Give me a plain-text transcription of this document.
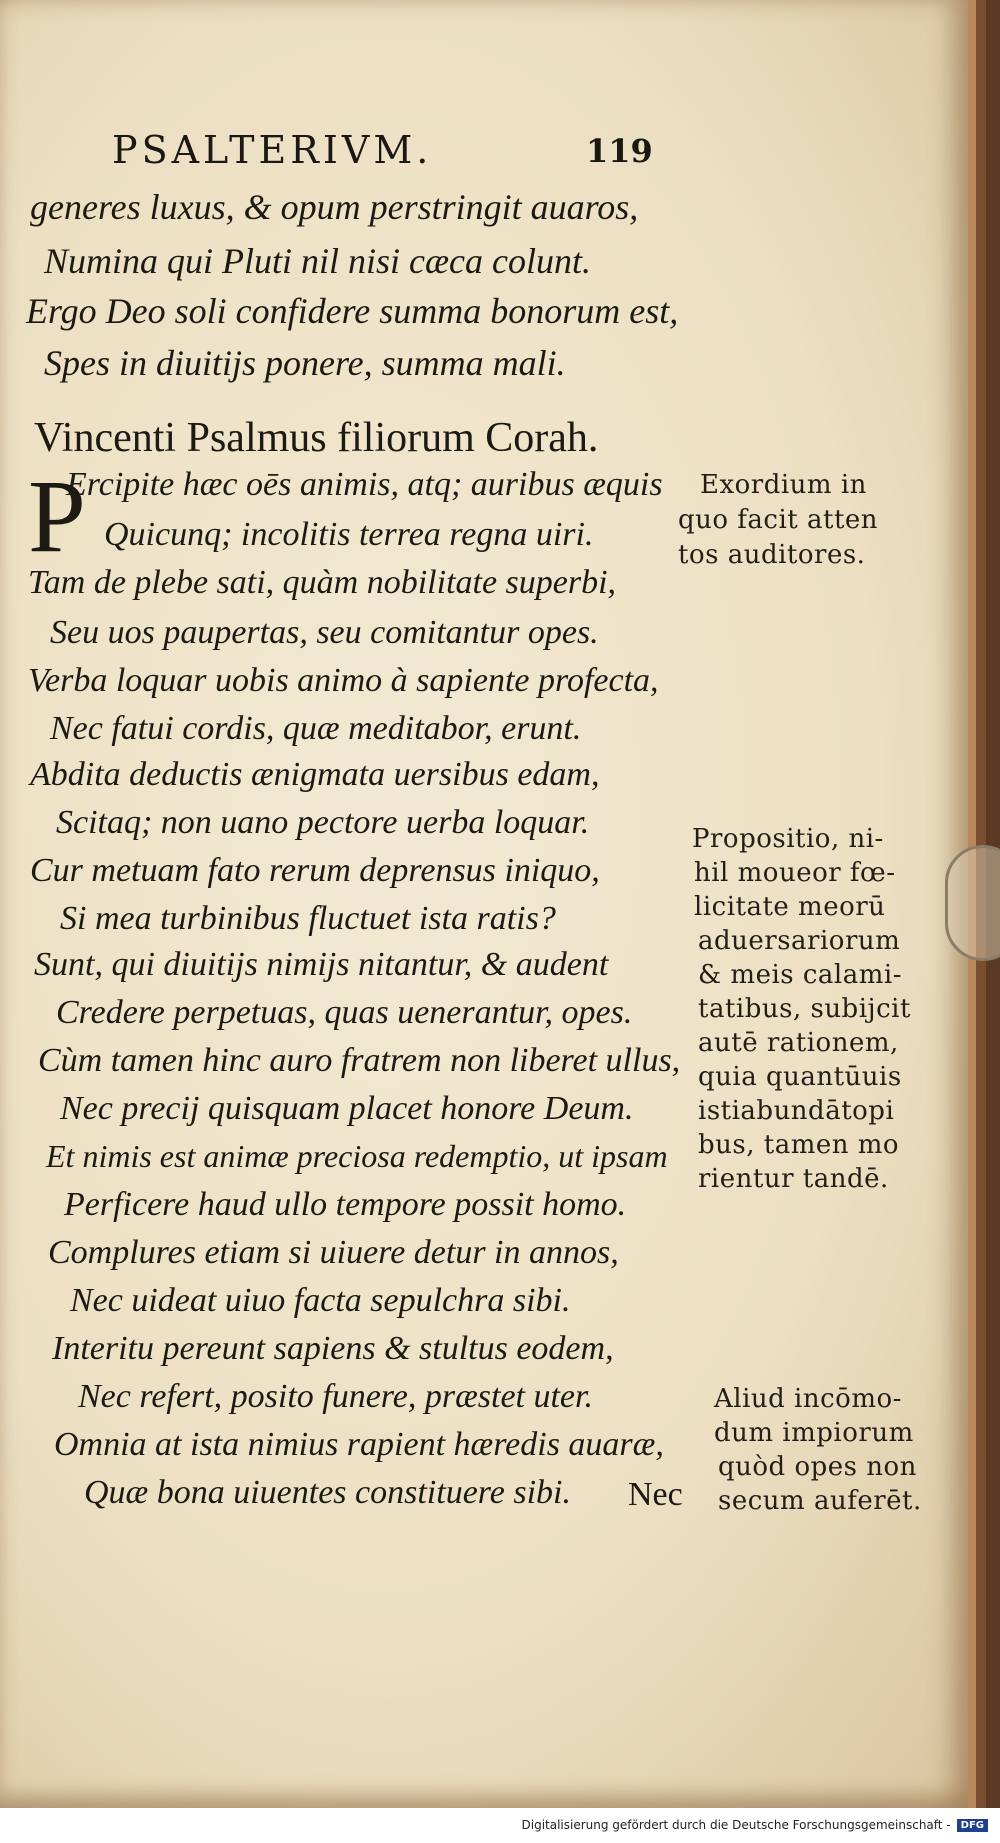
PSALTERIVM.	119
generes luxus, & opum perstringit auaros,
Numina qui Pluti nil nisi cæca colunt.
Ergo Deo soli confidere summa bonorum est,
Spes in diuitijs ponere, summa mali.
Vincenti Psalmus filiorum Corah.
P
Ercipite hæc oēs animis, atq; auribus æquis
Quicunq; incolitis terrea regna uiri.
Tam de plebe sati, quàm nobilitate superbi,
Seu uos paupertas, seu comitantur opes.
Verba loquar uobis animo à sapiente profecta,
Nec fatui cordis, quæ meditabor, erunt.
Abdita deductis ænigmata uersibus edam,
Scitaq; non uano pectore uerba loquar.
Cur metuam fato rerum deprensus iniquo,
Si mea turbinibus fluctuet ista ratis?
Sunt, qui diuitijs nimijs nitantur, & audent
Credere perpetuas, quas uenerantur, opes.
Cùm tamen hinc auro fratrem non liberet ullus,
Nec precij quisquam placet honore Deum.
Et nimis est animæ preciosa redemptio, ut ipsam
Perficere haud ullo tempore possit homo.
Complures etiam si uiuere detur in annos,
Nec uideat uiuo facta sepulchra sibi.
Interitu pereunt sapiens & stultus eodem,
Nec refert, posito funere, præstet uter.
Omnia at ista nimius rapient hæredis auaræ,
Quæ bona uiuentes constituere sibi.
Exordium in
quo facit atten
tos auditores.
Propositio, ni-
hil moueor fœ-
licitate meorū
aduersariorum
& meis calami-
tatibus, subijcit
autē rationem,
quia quantūuis
istiabundātopi
bus, tamen mo
rientur tandē.
Aliud incōmo-
dum impiorum
quòd opes non
secum auferēt.
Nec
Digitalisierung gefördert durch die Deutsche Forschungsgemeinschaft -	DFG
